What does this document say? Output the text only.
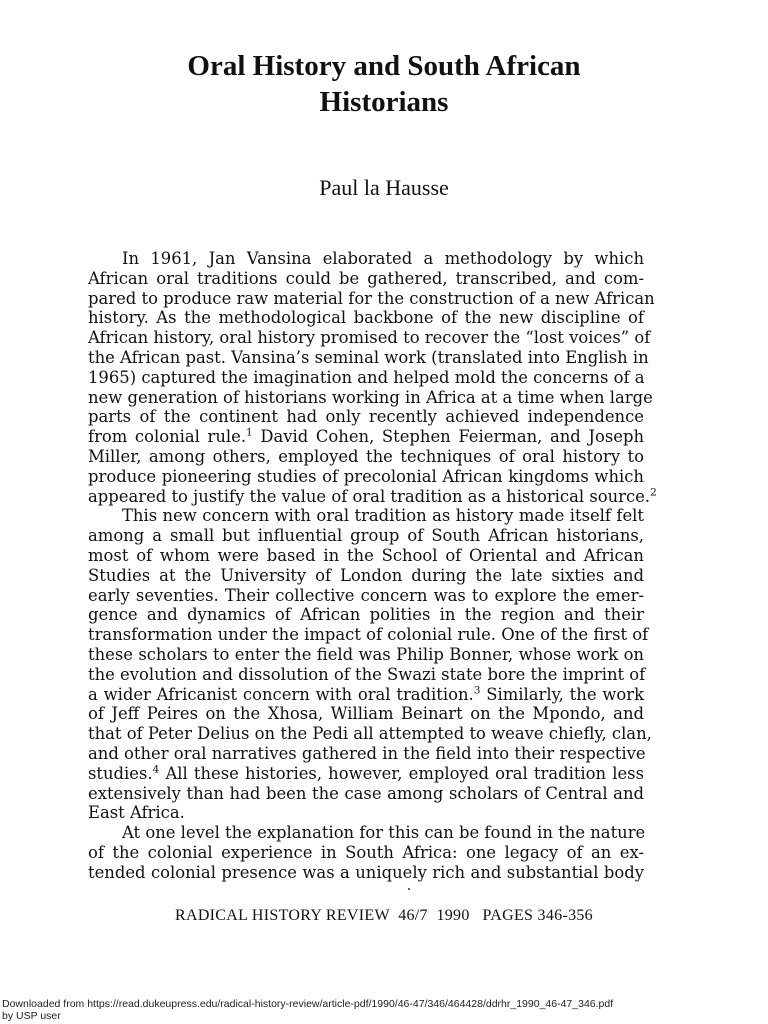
Oral History and South African
Historians
Paul la Hausse

In 1961, Jan Vansina elaborated a methodology by which
African oral traditions could be gathered, transcribed, and com-
pared to produce raw material for the construction of a new African
history. As the methodological backbone of the new discipline of
African history, oral history promised to recover the “lost voices” of
the African past. Vansina’s seminal work (translated into English in
1965) captured the imagination and helped mold the concerns of a
new generation of historians working in Africa at a time when large
parts of the continent had only recently achieved independence
from colonial rule.$^1$ David Cohen, Stephen Feierman, and Joseph
Miller, among others, employed the techniques of oral history to
produce pioneering studies of precolonial African kingdoms which
appeared to justify the value of oral tradition as a historical source.$^2$

This new concern with oral tradition as history made itself felt
among a small but influential group of South African historians,
most of whom were based in the School of Oriental and African
Studies at the University of London during the late sixties and
early seventies. Their collective concern was to explore the emer-
gence and dynamics of African polities in the region and their
transformation under the impact of colonial rule. One of the first of
these scholars to enter the field was Philip Bonner, whose work on
the evolution and dissolution of the Swazi state bore the imprint of
a wider Africanist concern with oral tradition.$^3$ Similarly, the work
of Jeff Peires on the Xhosa, William Beinart on the Mpondo, and
that of Peter Delius on the Pedi all attempted to weave chiefly, clan,
and other oral narratives gathered in the field into their respective
studies.$^4$ All these histories, however, employed oral tradition less
extensively than had been the case among scholars of Central and
East Africa.

At one level the explanation for this can be found in the nature
of the colonial experience in South Africa: one legacy of an ex-
tended colonial presence was a uniquely rich and substantial body

RADICAL HISTORY REVIEW  46/7  1990   PAGES 346-356
Downloaded from https://read.dukeupress.edu/radical-history-review/article-pdf/1990/46-47/346/464428/ddrhr_1990_46-47_346.pdf
by USP user
